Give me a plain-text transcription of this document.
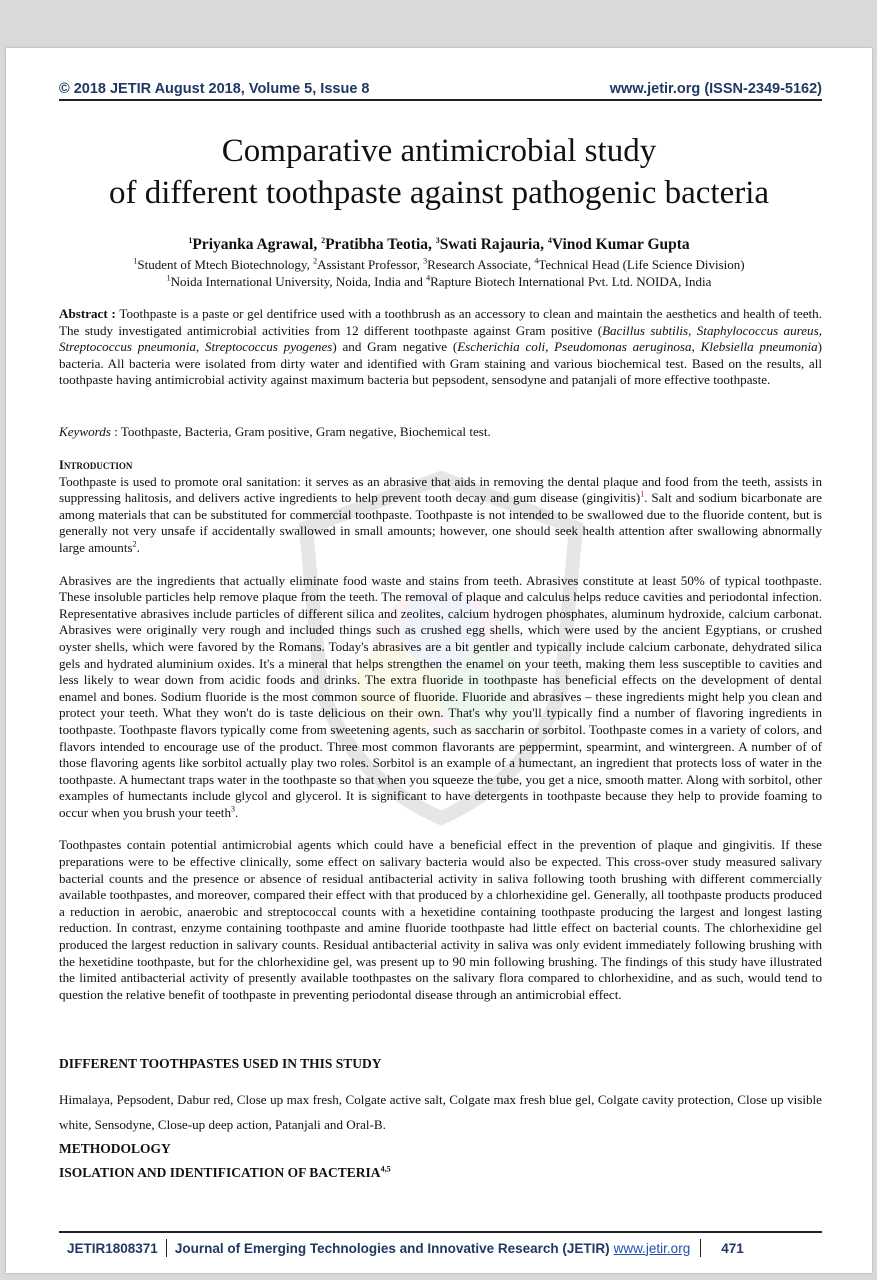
© 2018 JETIR August 2018, Volume 5, Issue 8	www.jetir.org (ISSN-2349-5162)
Comparative antimicrobial study
of different toothpaste against pathogenic bacteria
$^1$Priyanka Agrawal, $^2$Pratibha Teotia, $^3$Swati Rajauria, $^4$Vinod Kumar Gupta
$^1$Student of Mtech Biotechnology, $^2$Assistant Professor, $^3$Research Associate, $^4$Technical Head (Life Science Division)
$^1$Noida International University, Noida, India and $^4$Rapture Biotech International Pvt. Ltd. NOIDA, India

Abstract : Toothpaste is a paste or gel dentifrice used with a toothbrush as an accessory to clean and maintain the aesthetics and health of teeth. The study investigated antimicrobial activities from 12 different toothpaste against Gram positive (Bacillus subtilis, Staphylococcus aureus, Streptococcus pneumonia, Streptococcus pyogenes) and Gram negative (Escherichia coli, Pseudomonas aeruginosa, Klebsiella pneumonia) bacteria. All bacteria were isolated from dirty water and identified with Gram staining and various biochemical test. Based on the results, all toothpaste having antimicrobial activity against maximum bacteria but pepsodent, sensodyne and patanjali of more effective toothpaste.

Keywords : Toothpaste, Bacteria, Gram positive, Gram negative, Biochemical test.

Introduction

Toothpaste is used to promote oral sanitation: it serves as an abrasive that aids in removing the dental plaque and food from the teeth, assists in suppressing halitosis, and delivers active ingredients to help prevent tooth decay and gum disease (gingivitis)$^1$. Salt and sodium bicarbonate are among materials that can be substituted for commercial toothpaste. Toothpaste is not intended to be swallowed due to the fluoride content, but is generally not very unsafe if accidentally swallowed in small amounts; however, one should seek health attention after swallowing abnormally large amounts$^2$.

Abrasives are the ingredients that actually eliminate food waste and stains from teeth. Abrasives constitute at least 50% of typical toothpaste. These insoluble particles help remove plaque from the teeth. The removal of plaque and calculus helps reduce cavities and periodontal infection. Representative abrasives include particles of different silica and zeolites, calcium hydrogen phosphates, aluminum hydroxide, calcium carbonat. Abrasives were originally very rough and included things such as crushed egg shells, which were used by the ancient Egyptians, or crushed oyster shells, which were favored by the Romans. Today's abrasives are a bit gentler and typically include calcium carbonate, dehydrated silica gels and hydrated aluminium oxides. It's a mineral that helps strengthen the enamel on your teeth, making them less susceptible to cavities and less likely to wear down from acidic foods and drinks. The extra fluoride in toothpaste has beneficial effects on the development of dental enamel and bones. Sodium fluoride is the most common source of fluoride. Fluoride and abrasives – these ingredients might help you clean and protect your teeth. What they won't do is taste delicious on their own. That's why you'll typically find a number of flavoring ingredients in toothpaste. Toothpaste flavors typically come from sweetening agents, such as saccharin or sorbitol. Toothpaste comes in a variety of colors, and flavors intended to encourage use of the product. Three most common flavorants are peppermint, spearmint, and wintergreen. A number of of those flavoring agents like sorbitol actually play two roles. Sorbitol is an example of a humectant, an ingredient that protects loss of water in the toothpaste. A humectant traps water in the toothpaste so that when you squeeze the tube, you get a nice, smooth matter. Along with sorbitol, other examples of humectants include glycol and glycerol. It is significant to have detergents in toothpaste because they help to provide foaming to occur when you brush your teeth$^3$.

Toothpastes contain potential antimicrobial agents which could have a beneficial effect in the prevention of plaque and gingivitis. If these preparations were to be effective clinically, some effect on salivary bacteria would also be expected. This cross-over study measured salivary bacterial counts and the presence or absence of residual antibacterial activity in saliva following tooth brushing with different commercially available toothpastes, and moreover, compared their effect with that produced by a chlorhexidine gel. Generally, all toothpaste products produced a reduction in aerobic, anaerobic and streptococcal counts with a hexetidine containing toothpaste producing the largest and longest lasting reduction. In contrast, enzyme containing toothpaste and amine fluoride toothpaste had little effect on bacterial counts. The chlorhexidine gel produced the largest reduction in salivary counts. Residual antibacterial activity in saliva was only evident immediately following brushing with the hexetidine toothpaste, but for the chlorhexidine gel, was present up to 90 min following brushing. The findings of this study have illustrated the limited antibacterial activity of presently available toothpastes on the salivary flora compared to chlorhexidine, and as such, would tend to question the relative benefit of toothpaste in preventing periodontal disease through an antimicrobial effect.

DIFFERENT TOOTHPASTES USED IN THIS STUDY

Himalaya, Pepsodent, Dabur red, Close up max fresh, Colgate active salt, Colgate max fresh blue gel, Colgate cavity protection, Close up visible white, Sensodyne, Close-up deep action, Patanjali and Oral-B.

METHODOLOGY
ISOLATION AND IDENTIFICATION OF BACTERIA$^{4,5}$
JETIR1808371 Journal of Emerging Technologies and Innovative Research (JETIR) www.jetir.org 471
